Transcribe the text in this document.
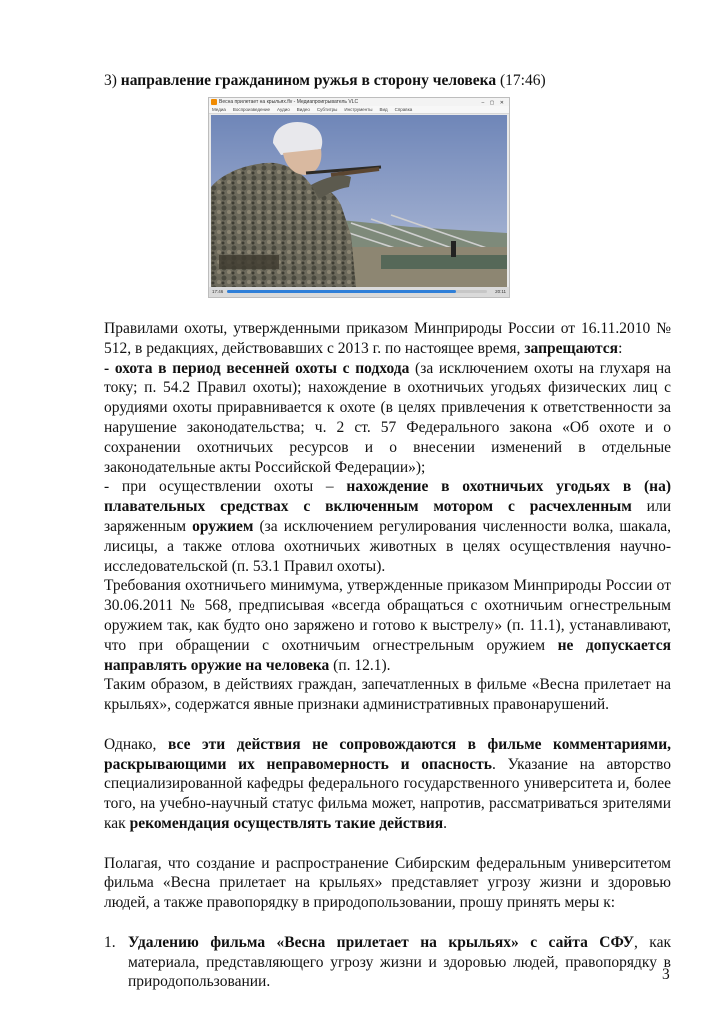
3) направление гражданином ружья в сторону человека (17:46)
Весна прилетает на крыльях.flv - Медиапроигрыватель VLC	– ▢ ✕
Медиа Воспроизведение Аудио Видео Субтитры Инструменты Вид Справка
17:46	20:11

Правилами охоты, утвержденными приказом Минприроды России от 16.11.2010 № 512, в редакциях, действовавших с 2013 г. по настоящее время, запрещаются:
- охота в период весенней охоты с подхода (за исключением охоты на глухаря на току; п. 54.2 Правил охоты); нахождение в охотничьих угодьях физических лиц с орудиями охоты приравнивается к охоте (в целях привлечения к ответственности за нарушение законодательства; ч. 2 ст. 57 Федерального закона «Об охоте и о сохранении охотничьих ресурсов и о внесении изменений в отдельные законодательные акты Российской Федерации»);
- при осуществлении охоты – нахождение в охотничьих угодьях в (на) плавательных средствах с включенным мотором с расчехленным или заряженным оружием (за исключением регулирования численности волка, шакала, лисицы, а также отлова охотничьих животных в целях осуществления научно-исследовательской (п. 53.1 Правил охоты).

Требования охотничьего минимума, утвержденные приказом Минприроды России от 30.06.2011 № 568, предписывая «всегда обращаться с охотничьим огнестрельным оружием так, как будто оно заряжено и готово к выстрелу» (п. 11.1), устанавливают, что при обращении с охотничьим огнестрельным оружием не допускается направлять оружие на человека (п. 12.1).

Таким образом, в действиях граждан, запечатленных в фильме «Весна прилетает на крыльях», содержатся явные признаки административных правонарушений.

Однако, все эти действия не сопровождаются в фильме комментариями, раскрывающими их неправомерность и опасность. Указание на авторство специализированной кафедры федерального государственного университета и, более того, на учебно-научный статус фильма может, напротив, рассматриваться зрителями как рекомендация осуществлять такие действия.

Полагая, что создание и распространение Сибирским федеральным университетом фильма «Весна прилетает на крыльях» представляет угрозу жизни и здоровью людей, а также правопорядку в природопользовании, прошу принять меры к:

1. Удалению фильма «Весна прилетает на крыльях» с сайта СФУ, как материала, представляющего угрозу жизни и здоровью людей, правопорядку в природопользовании.	3
